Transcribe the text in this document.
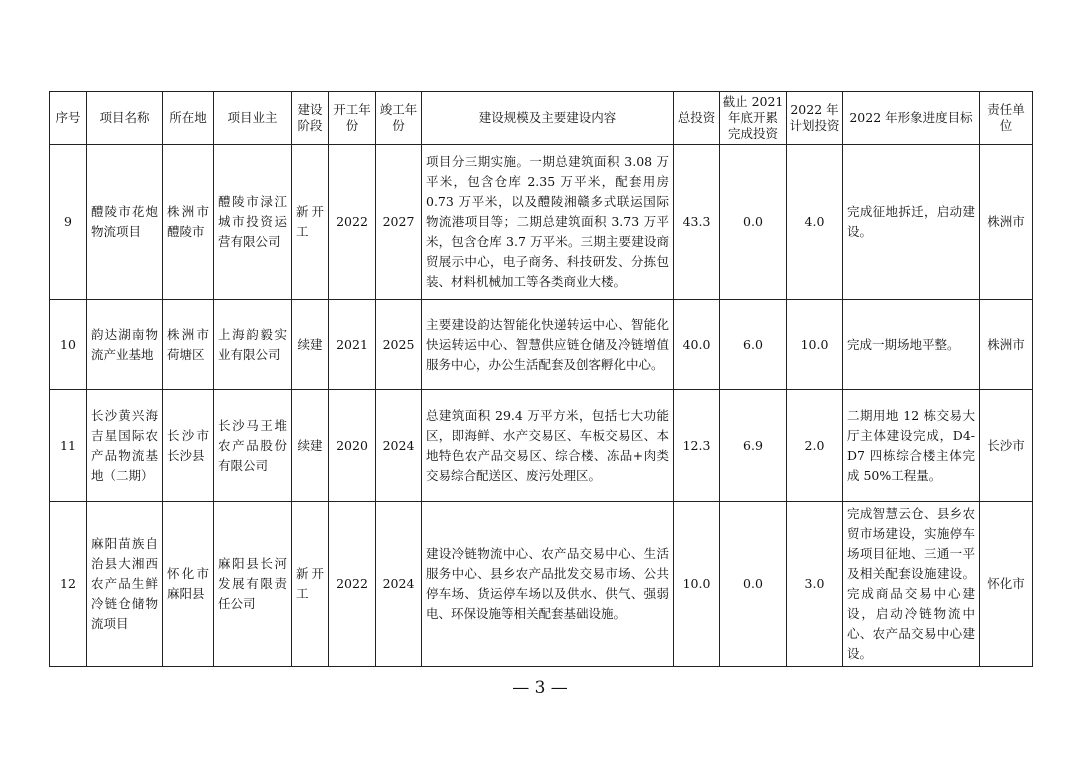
序号	项目名称	所在地	项目业主	建设阶段	开工年份	竣工年份	建设规模及主要建设内容	总投资	截止 2021 年底开累完成投资	2022 年计划投资	2022 年形象进度目标	责任单位
9	醴陵市花炮物流项目	株洲市醴陵市	醴陵市渌江城市投资运营有限公司	新开工	2022	2027	项目分三期实施。一期总建筑面积 3.08 万平米，包含仓库 2.35 万平米，配套用房 0.73 万平米，以及醴陵湘赣多式联运国际物流港项目等；二期总建筑面积 3.73 万平米，包含仓库 3.7 万平米。三期主要建设商贸展示中心，电子商务、科技研发、分拣包装、材料机械加工等各类商业大楼。	43.3	0.0	4.0	完成征地拆迁，启动建设。	株洲市
10	韵达湖南物流产业基地	株洲市荷塘区	上海韵毅实业有限公司	续建	2021	2025	主要建设韵达智能化快递转运中心、智能化快运转运中心、智慧供应链仓储及冷链增值服务中心，办公生活配套及创客孵化中心。	40.0	6.0	10.0	完成一期场地平整。	株洲市
11	长沙黄兴海吉星国际农产品物流基地（二期）	长沙市长沙县	长沙马王堆农产品股份有限公司	续建	2020	2024	总建筑面积 29.4 万平方米，包括七大功能区，即海鲜、水产交易区、车板交易区、本地特色农产品交易区、综合楼、冻品+肉类交易综合配送区、废污处理区。	12.3	6.9	2.0	二期用地 12 栋交易大厅主体建设完成，D4-D7 四栋综合楼主体完成 50%工程量。	长沙市
12	麻阳苗族自治县大湘西农产品生鲜冷链仓储物流项目	怀化市麻阳县	麻阳县长河发展有限责任公司	新开工	2022	2024	建设冷链物流中心、农产品交易中心、生活服务中心、县乡农产品批发交易市场、公共停车场、货运停车场以及供水、供气、强弱电、环保设施等相关配套基础设施。	10.0	0.0	3.0	完成智慧云仓、县乡农贸市场建设，实施停车场项目征地、三通一平及相关配套设施建设。完成商品交易中心建设，启动冷链物流中心、农产品交易中心建设。	怀化市
— 3 —
